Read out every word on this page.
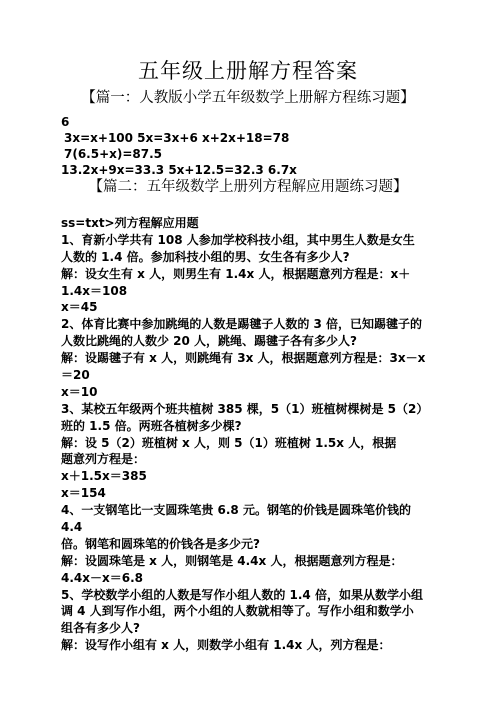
五年级上册解方程答案
【篇一：人教版小学五年级数学上册解方程练习题】
6
3x=x+100 5x=3x+6 x+2x+18=78
7(6.5+x)=87.5
13.2x+9x=33.3 5x+12.5=32.3 6.7x
【篇二：五年级数学上册列方程解应用题练习题】
ss=txt>列方程解应用题
1、育新小学共有 108 人参加学校科技小组，其中男生人数是女生
人数的 1.4 倍。参加科技小组的男、女生各有多少人?
解：设女生有 x 人，则男生有 1.4x 人，根据题意列方程是：x＋
1.4x＝108
x＝45
2、体育比赛中参加跳绳的人数是踢毽子人数的 3 倍，已知踢毽子的
人数比跳绳的人数少 20 人，跳绳、踢毽子各有多少人?
解：设踢毽子有 x 人，则跳绳有 3x 人，根据题意列方程是：3x－x
＝20
x＝10
3、某校五年级两个班共植树 385 棵，5（1）班植树棵树是 5（2）
班的 1.5 倍。两班各植树多少棵?
解：设 5（2）班植树 x 人，则 5（1）班植树 1.5x 人，根据
题意列方程是：
x＋1.5x＝385
x＝154
4、一支钢笔比一支圆珠笔贵 6.8 元。钢笔的价钱是圆珠笔价钱的
4.4
倍。钢笔和圆珠笔的价钱各是多少元?
解：设圆珠笔是 x 人，则钢笔是 4.4x 人，根据题意列方程是：
4.4x－x＝6.8
5、学校数学小组的人数是写作小组人数的 1.4 倍，如果从数学小组
调 4 人到写作小组，两个小组的人数就相等了。写作小组和数学小
组各有多少人?
解：设写作小组有 x 人，则数学小组有 1.4x 人，列方程是：
